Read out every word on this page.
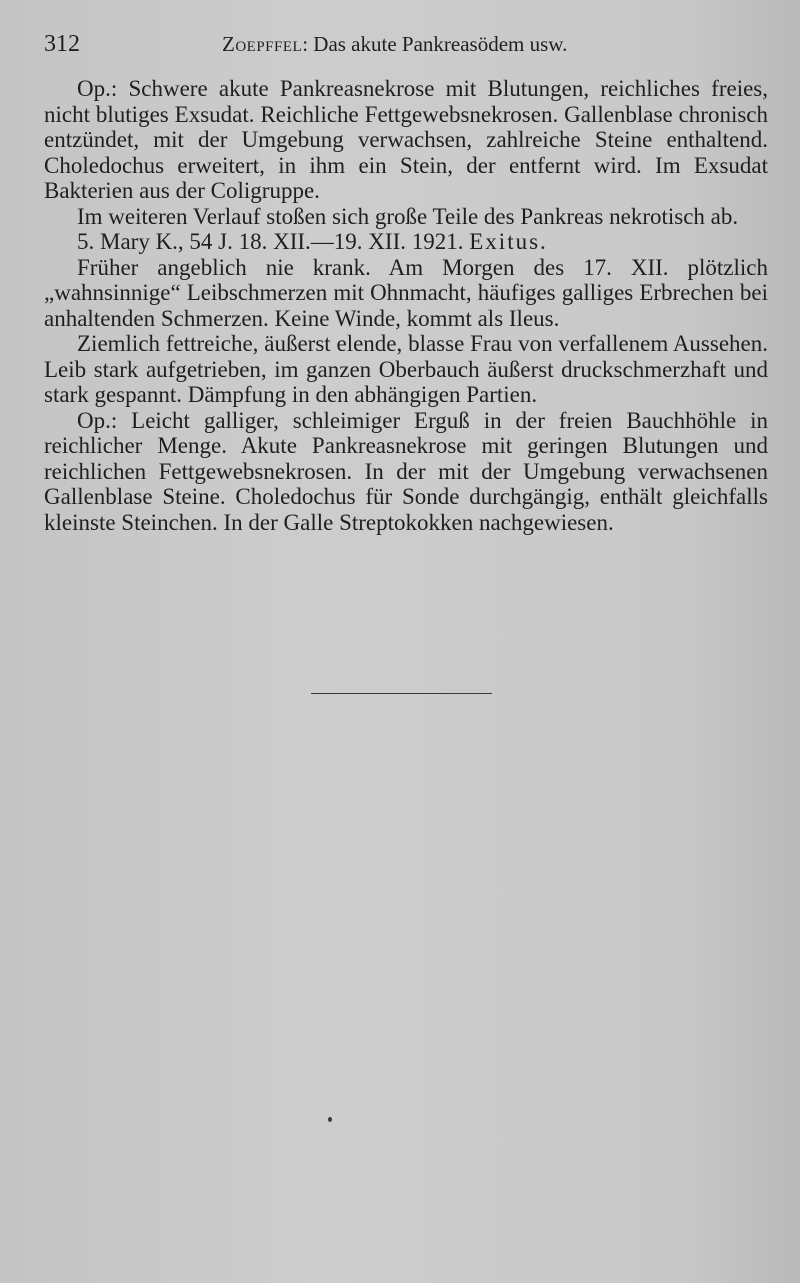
312	Zoepffel: Das akute Pankreasödem usw.

Op.: Schwere akute Pankreasnekrose mit Blutungen, reichliches freies, nicht blutiges Exsudat. Reichliche Fettgewebsnekrosen. Gallenblase chronisch entzündet, mit der Umgebung verwachsen, zahlreiche Steine enthaltend. Choledochus erweitert, in ihm ein Stein, der entfernt wird. Im Exsudat Bakterien aus der Coligruppe.

Im weiteren Verlauf stoßen sich große Teile des Pankreas nekrotisch ab.

5. Mary K., 54 J. 18. XII.—19. XII. 1921. Exitus.

Früher angeblich nie krank. Am Morgen des 17. XII. plötzlich „wahnsinnige“ Leibschmerzen mit Ohnmacht, häufiges galliges Erbrechen bei anhaltenden Schmerzen. Keine Winde, kommt als Ileus.

Ziemlich fettreiche, äußerst elende, blasse Frau von verfallenem Aussehen. Leib stark aufgetrieben, im ganzen Oberbauch äußerst druckschmerzhaft und stark gespannt. Dämpfung in den abhängigen Partien.

Op.: Leicht galliger, schleimiger Erguß in der freien Bauchhöhle in reichlicher Menge. Akute Pankreasnekrose mit geringen Blutungen und reichlichen Fettgewebsnekrosen. In der mit der Umgebung verwachsenen Gallenblase Steine. Choledochus für Sonde durchgängig, enthält gleichfalls kleinste Steinchen. In der Galle Streptokokken nachgewiesen.
